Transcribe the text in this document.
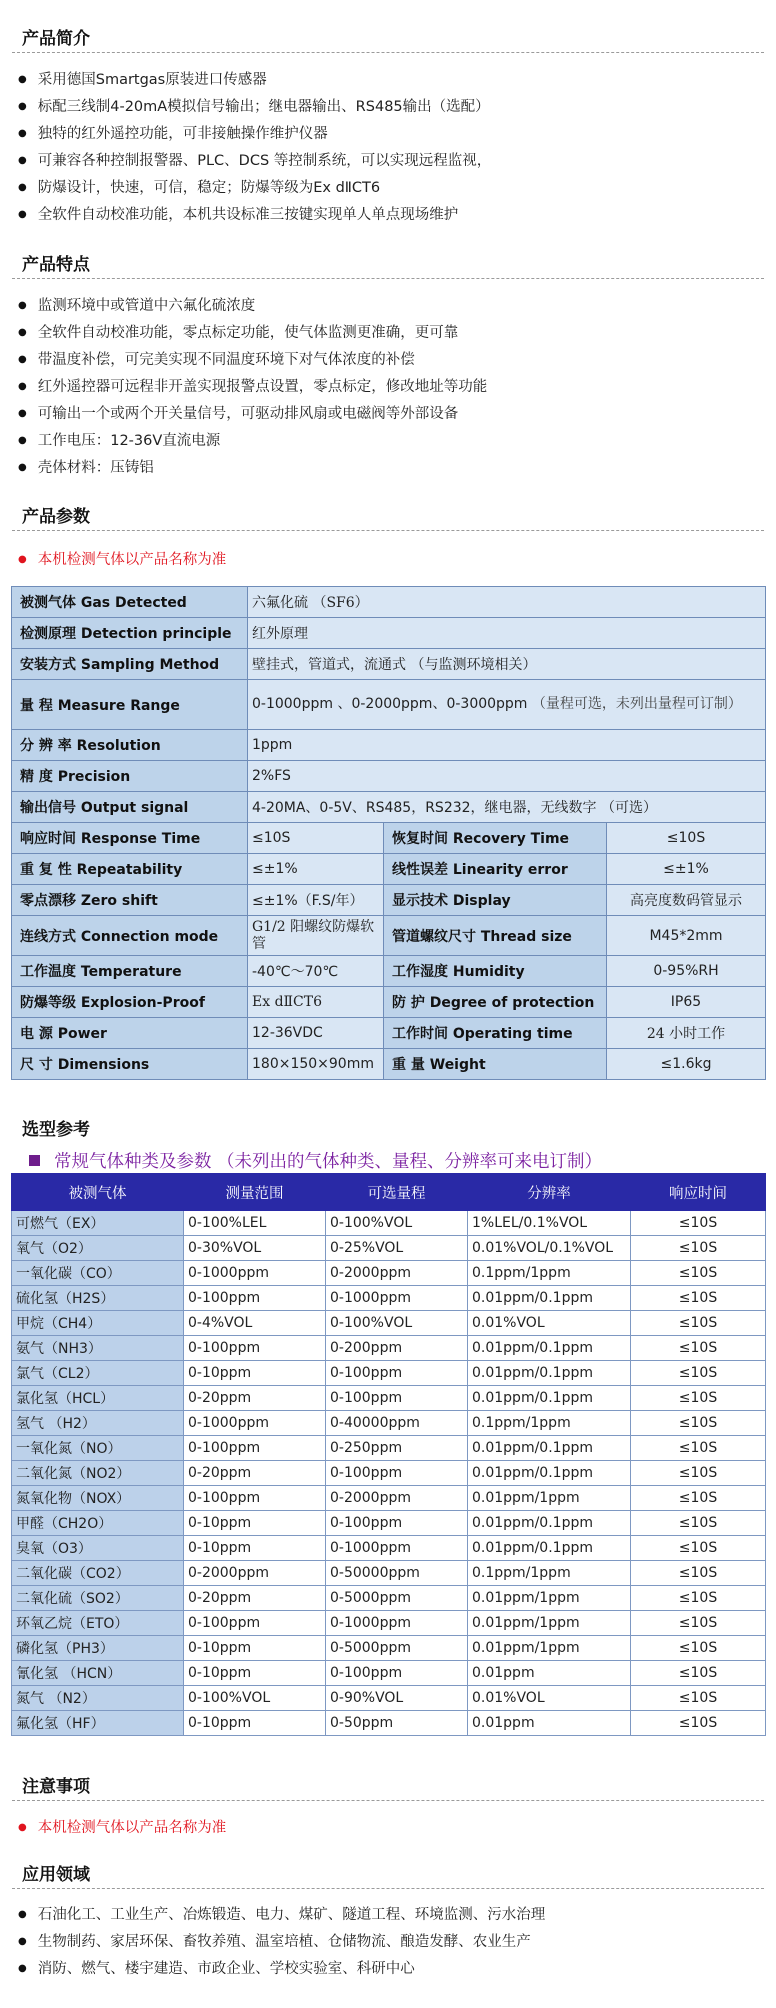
产品简介
● 采用德国Smartgas原装进口传感器
● 标配三线制4-20mA模拟信号输出；继电器输出、RS485输出（选配）
● 独特的红外遥控功能，可非接触操作维护仪器
● 可兼容各种控制报警器、PLC、DCS 等控制系统，可以实现远程监视，
● 防爆设计，快速，可信，稳定；防爆等级为Ex dⅡCT6
● 全软件自动校准功能，本机共设标准三按键实现单人单点现场维护
产品特点
● 监测环境中或管道中六氟化硫浓度
● 全软件自动校准功能，零点标定功能，使气体监测更准确，更可靠
● 带温度补偿，可完美实现不同温度环境下对气体浓度的补偿
● 红外遥控器可远程非开盖实现报警点设置，零点标定，修改地址等功能
● 可输出一个或两个开关量信号，可驱动排风扇或电磁阀等外部设备
● 工作电压：12-36V直流电源
● 壳体材料：压铸铝
产品参数
● 本机检测气体以产品名称为准
被测气体 Gas Detected	六氟化硫 （SF6）		
检测原理 Detection principle	红外原理		
安装方式 Sampling Method	壁挂式，管道式，流通式 （与监测环境相关）		
量 程 Measure Range	0-1000ppm 、0-2000ppm、0-3000ppm （量程可选，未列出量程可订制）		
分 辨 率 Resolution	1ppm		
精 度 Precision	2%FS		
输出信号 Output signal	4-20MA、0-5V、RS485，RS232，继电器，无线数字 （可选）		
响应时间 Response Time	≤10S	恢复时间 Recovery Time	≤10S
重 复 性 Repeatability	≤±1%	线性误差 Linearity error	≤±1%
零点漂移 Zero shift	≤±1%（F.S/年）	显示技术 Display	高亮度数码管显示
连线方式 Connection mode	G1/2 阳螺纹防爆软管	管道螺纹尺寸 Thread size	M45*2mm
工作温度 Temperature	-40℃～70℃	工作湿度 Humidity	0-95%RH
防爆等级 Explosion-Proof	Ex dⅡCT6	防 护 Degree of protection	IP65
电 源 Power	12-36VDC	工作时间 Operating time	24 小时工作
尺 寸 Dimensions	180×150×90mm	重 量 Weight	≤1.6kg
选型参考
常规气体种类及参数 （未列出的气体种类、量程、分辨率可来电订制）
被测气体	测量范围	可选量程	分辨率	响应时间
可燃气（EX）	0-100%LEL	0-100%VOL	1%LEL/0.1%VOL	≤10S
氧气（O2）	0-30%VOL	0-25%VOL	0.01%VOL/0.1%VOL	≤10S
一氧化碳（CO）	0-1000ppm	0-2000ppm	0.1ppm/1ppm	≤10S
硫化氢（H2S）	0-100ppm	0-1000ppm	0.01ppm/0.1ppm	≤10S
甲烷（CH4）	0-4%VOL	0-100%VOL	0.01%VOL	≤10S
氨气（NH3）	0-100ppm	0-200ppm	0.01ppm/0.1ppm	≤10S
氯气（CL2）	0-10ppm	0-100ppm	0.01ppm/0.1ppm	≤10S
氯化氢（HCL）	0-20ppm	0-100ppm	0.01ppm/0.1ppm	≤10S
氢气 （H2）	0-1000ppm	0-40000ppm	0.1ppm/1ppm	≤10S
一氧化氮（NO）	0-100ppm	0-250ppm	0.01ppm/0.1ppm	≤10S
二氧化氮（NO2）	0-20ppm	0-100ppm	0.01ppm/0.1ppm	≤10S
氮氧化物（NOX）	0-100ppm	0-2000ppm	0.01ppm/1ppm	≤10S
甲醛（CH2O）	0-10ppm	0-100ppm	0.01ppm/0.1ppm	≤10S
臭氧（O3）	0-10ppm	0-1000ppm	0.01ppm/0.1ppm	≤10S
二氧化碳（CO2）	0-2000ppm	0-50000ppm	0.1ppm/1ppm	≤10S
二氧化硫（SO2）	0-20ppm	0-5000ppm	0.01ppm/1ppm	≤10S
环氧乙烷（ETO）	0-100ppm	0-1000ppm	0.01ppm/1ppm	≤10S
磷化氢（PH3）	0-10ppm	0-5000ppm	0.01ppm/1ppm	≤10S
氰化氢 （HCN）	0-10ppm	0-100ppm	0.01ppm	≤10S
氮气 （N2）	0-100%VOL	0-90%VOL	0.01%VOL	≤10S
氟化氢（HF）	0-10ppm	0-50ppm	0.01ppm	≤10S
注意事项
● 本机检测气体以产品名称为准
应用领域
● 石油化工、工业生产、冶炼锻造、电力、煤矿、隧道工程、环境监测、污水治理
● 生物制药、家居环保、畜牧养殖、温室培植、仓储物流、酿造发酵、农业生产
● 消防、燃气、楼宇建造、市政企业、学校实验室、科研中心
